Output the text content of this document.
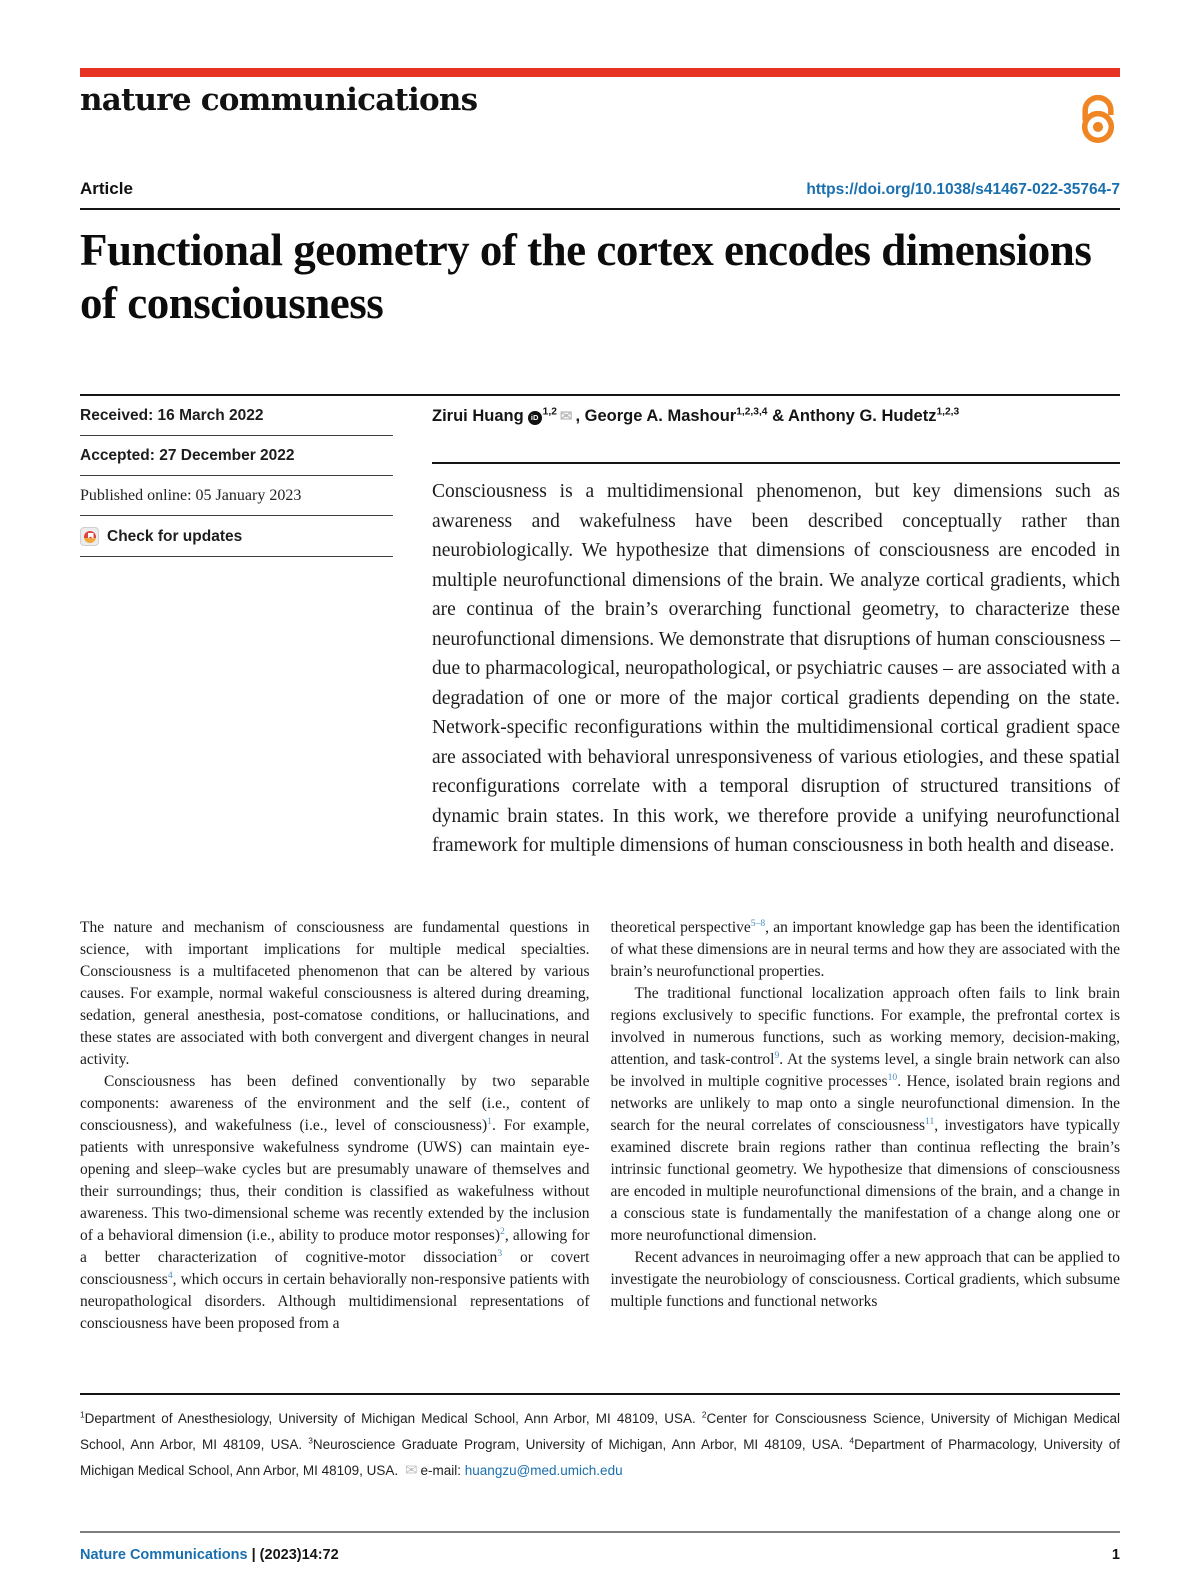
nature communications
Article	https://doi.org/10.1038/s41467-022-35764-7
Functional geometry of the cortex encodes dimensions of consciousness
Received: 16 March 2022
Accepted: 27 December 2022
Published online: 05 January 2023
Check for updates
Zirui Huang iD $^{1,2}$ ✉ , George A. Mashour$^{1,2,3,4}$ & Anthony G. Hudetz$^{1,2,3}$

Consciousness is a multidimensional phenomenon, but key dimensions such as awareness and wakefulness have been described conceptually rather than neurobiologically. We hypothesize that dimensions of consciousness are encoded in multiple neurofunctional dimensions of the brain. We analyze cortical gradients, which are continua of the brain’s overarching functional geometry, to characterize these neurofunctional dimensions. We demonstrate that disruptions of human consciousness – due to pharmacological, neuropathological, or psychiatric causes – are associated with a degradation of one or more of the major cortical gradients depending on the state. Network-specific reconfigurations within the multidimensional cortical gradient space are associated with behavioral unresponsiveness of various etiologies, and these spatial reconfigurations correlate with a temporal disruption of structured transitions of dynamic brain states. In this work, we therefore provide a unifying neurofunctional framework for multiple dimensions of human consciousness in both health and disease.

The nature and mechanism of consciousness are fundamental questions in science, with important implications for multiple medical specialties. Consciousness is a multifaceted phenomenon that can be altered by various causes. For example, normal wakeful consciousness is altered during dreaming, sedation, general anesthesia, post-comatose conditions, or hallucinations, and these states are associated with both convergent and divergent changes in neural activity.

Consciousness has been defined conventionally by two separable components: awareness of the environment and the self (i.e., content of consciousness), and wakefulness (i.e., level of consciousness)$^1$. For example, patients with unresponsive wakefulness syndrome (UWS) can maintain eye-opening and sleep–wake cycles but are presumably unaware of themselves and their surroundings; thus, their condition is classified as wakefulness without awareness. This two-dimensional scheme was recently extended by the inclusion of a behavioral dimension (i.e., ability to produce motor responses)$^2$, allowing for a better characterization of cognitive-motor dissociation$^3$ or covert consciousness$^4$, which occurs in certain behaviorally non-responsive patients with neuropathological disorders. Although multidimensional representations of consciousness have been proposed from a

theoretical perspective$^{5-8}$, an important knowledge gap has been the identification of what these dimensions are in neural terms and how they are associated with the brain’s neurofunctional properties.

The traditional functional localization approach often fails to link brain regions exclusively to specific functions. For example, the prefrontal cortex is involved in numerous functions, such as working memory, decision-making, attention, and task-control$^9$. At the systems level, a single brain network can also be involved in multiple cognitive processes$^{10}$. Hence, isolated brain regions and networks are unlikely to map onto a single neurofunctional dimension. In the search for the neural correlates of consciousness$^{11}$, investigators have typically examined discrete brain regions rather than continua reflecting the brain’s intrinsic functional geometry. We hypothesize that dimensions of consciousness are encoded in multiple neurofunctional dimensions of the brain, and a change in a conscious state is fundamentally the manifestation of a change along one or more neurofunctional dimension.

Recent advances in neuroimaging offer a new approach that can be applied to investigate the neurobiology of consciousness. Cortical gradients, which subsume multiple functions and functional networks

$^1$Department of Anesthesiology, University of Michigan Medical School, Ann Arbor, MI 48109, USA. $^2$Center for Consciousness Science, University of Michigan Medical School, Ann Arbor, MI 48109, USA. $^3$Neuroscience Graduate Program, University of Michigan, Ann Arbor, MI 48109, USA. $^4$Department of Pharmacology, University of Michigan Medical School, Ann Arbor, MI 48109, USA. ✉ e-mail: huangzu@med.umich.edu
Nature Communications | (2023)14:72	1
